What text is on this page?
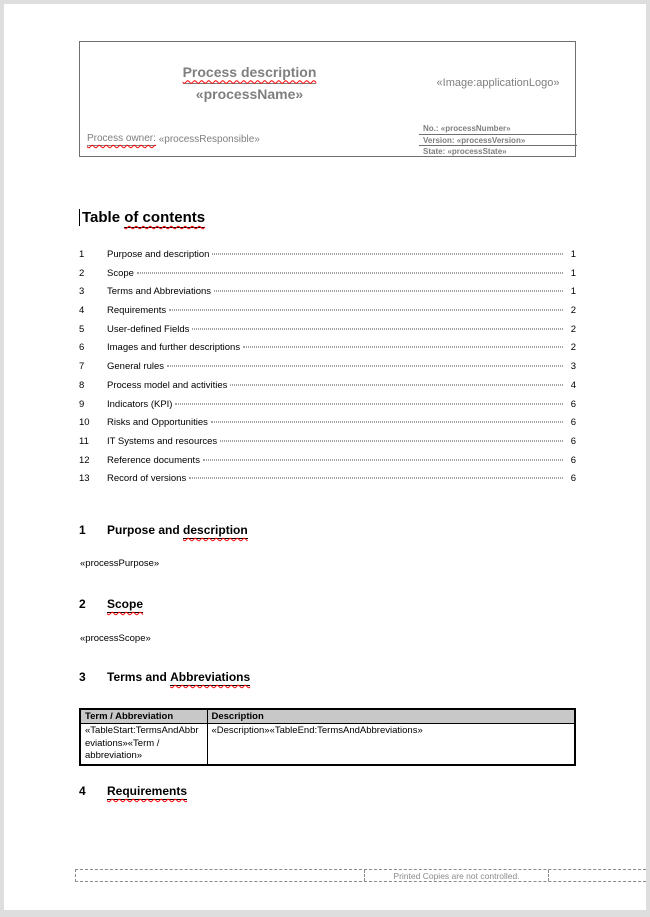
Process description
«processName»
«Image:applicationLogo»
Process owner: «processResponsible»
No.: «processNumber»
Version: «processVersion»
State: «processState»
Table of contents
1	Purpose and description	1
2	Scope	1
3	Terms and Abbreviations	1
4	Requirements	2
5	User-defined Fields	2
6	Images and further descriptions	2
7	General rules	3
8	Process model and activities	4
9	Indicators (KPI)	6
10	Risks and Opportunities	6
11	IT Systems and resources	6
12	Reference documents	6
13	Record of versions	6
1	Purpose and description
«processPurpose»
2	Scope
«processScope»
3	Terms and Abbreviations
Term / Abbreviation	Description
«TableStart:TermsAndAbbreviations»«Term / abbreviation»	«Description»«TableEnd:TermsAndAbbreviations»
4	Requirements
Printed Copies are not controlled.
